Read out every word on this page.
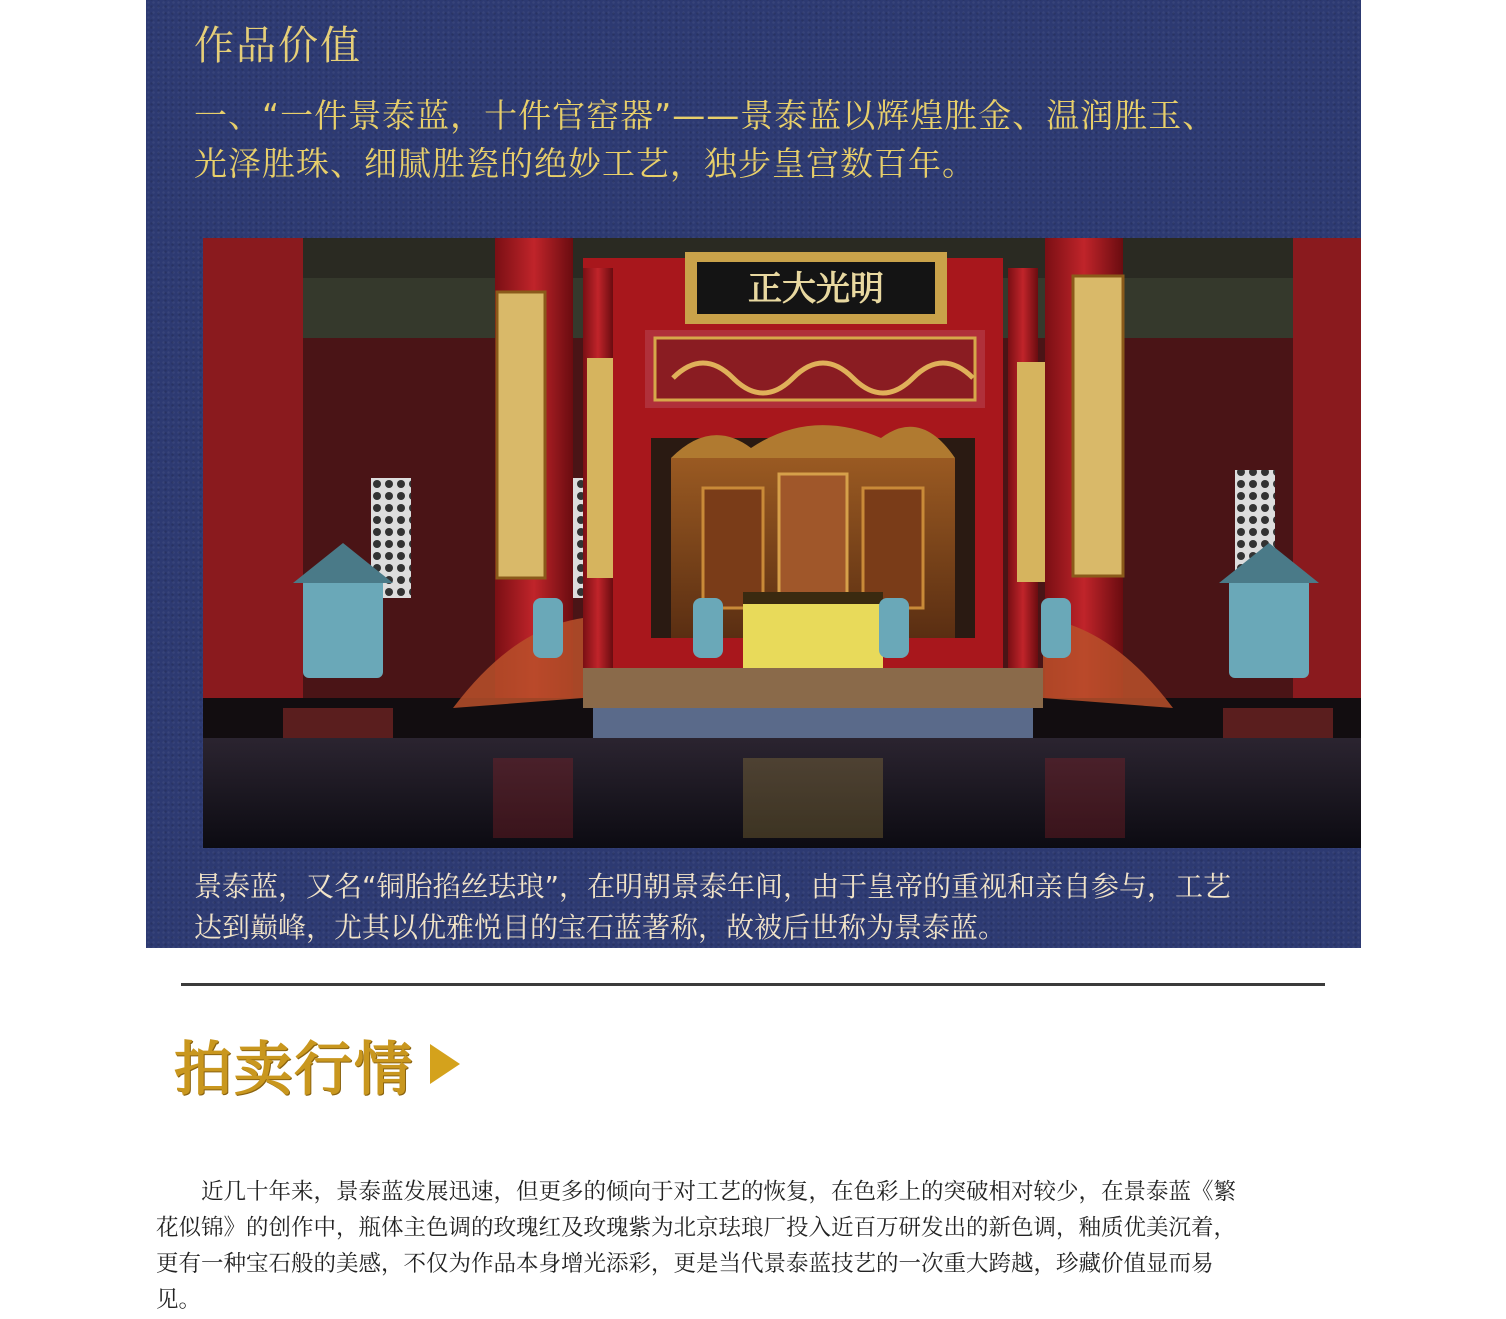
作品价值

一、“一件景泰蓝，十件官窑器”——景泰蓝以辉煌胜金、温润胜玉、
光泽胜珠、细腻胜瓷的绝妙工艺，独步皇宫数百年。

正大光明

景泰蓝，又名“铜胎掐丝珐琅”，在明朝景泰年间，由于皇帝的重视和亲自参与，工艺
达到巅峰，尤其以优雅悦目的宝石蓝著称，故被后世称为景泰蓝。

拍卖行情

近几十年来，景泰蓝发展迅速，但更多的倾向于对工艺的恢复，在色彩上的突破相对较少，在景泰蓝《繁
花似锦》的创作中，瓶体主色调的玫瑰红及玫瑰紫为北京珐琅厂投入近百万研发出的新色调，釉质优美沉着，
更有一种宝石般的美感，不仅为作品本身增光添彩，更是当代景泰蓝技艺的一次重大跨越，珍藏价值显而易
见。
